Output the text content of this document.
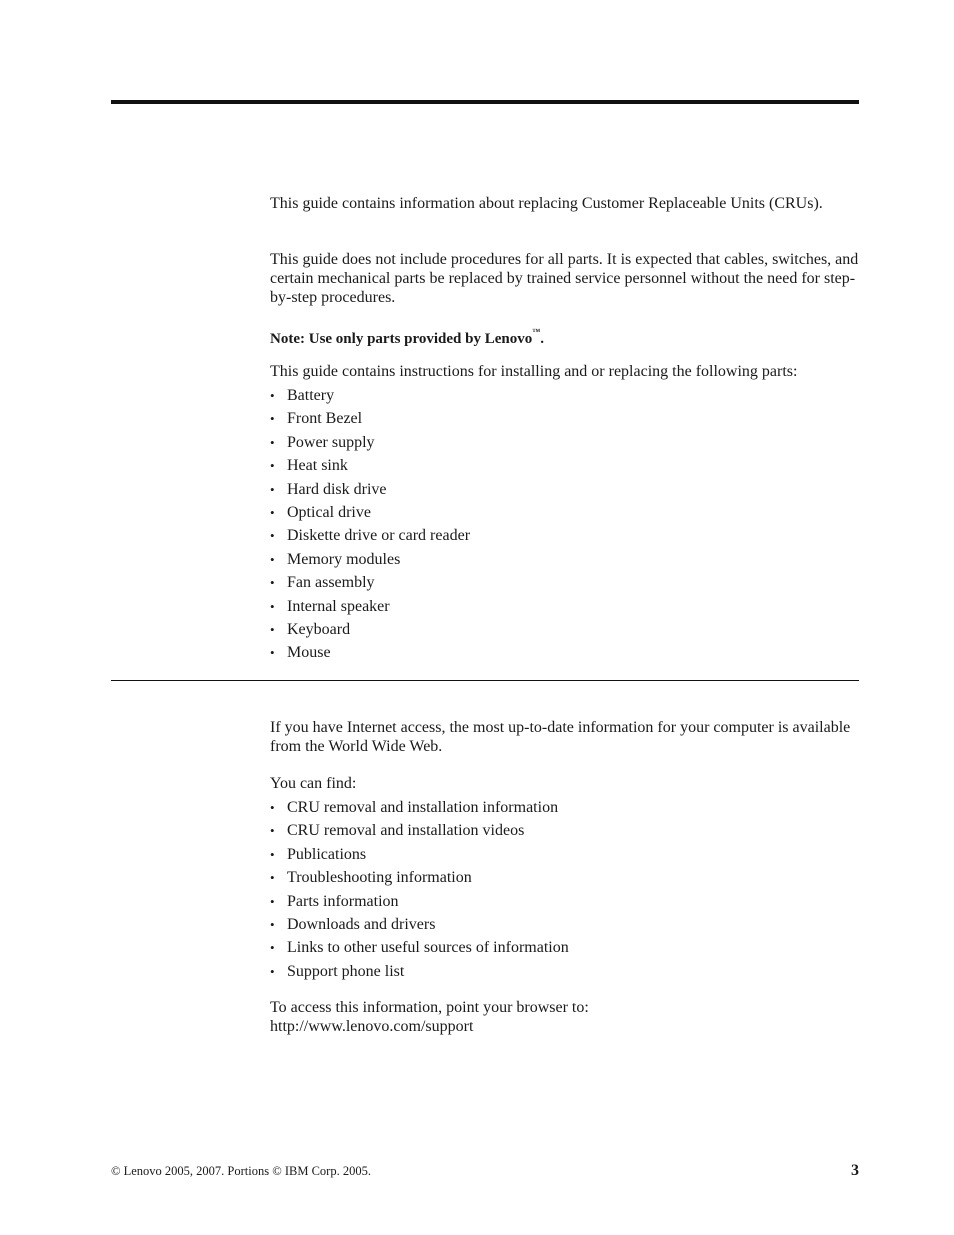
This guide contains information about replacing Customer Replaceable Units (CRUs).

This guide does not include procedures for all parts. It is expected that cables, switches, and certain mechanical parts be replaced by trained service personnel without the need for step-by-step procedures.

Note: Use only parts provided by Lenovo™.

This guide contains instructions for installing and or replacing the following parts:

• Battery
• Front Bezel
• Power supply
• Heat sink
• Hard disk drive
• Optical drive
• Diskette drive or card reader
• Memory modules
• Fan assembly
• Internal speaker
• Keyboard
• Mouse

If you have Internet access, the most up-to-date information for your computer is available from the World Wide Web.

You can find:

• CRU removal and installation information
• CRU removal and installation videos
• Publications
• Troubleshooting information
• Parts information
• Downloads and drivers
• Links to other useful sources of information
• Support phone list

To access this information, point your browser to:

http://www.lenovo.com/support

© Lenovo 2005, 2007. Portions © IBM Corp. 2005.	3
